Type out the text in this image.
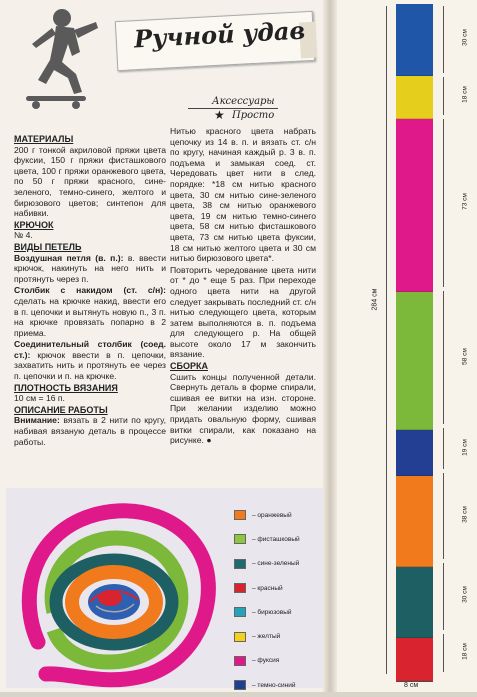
Ручной удав
Аксессуары
★ Просто
МАТЕРИАЛЫ
200 г тонкой акриловой пряжи цвета фуксии, 150 г пряжи фисташкового цвета, 100 г пряжи оранжевого цвета, по 50 г пряжи красного, сине-зеленого, темно-синего, желтого и бирюзового цветов; синтепон для набивки.
КРЮЧОК
№ 4.
ВИДЫ ПЕТЕЛЬ
Воздушная петля (в. п.): в. ввести крючок, накинуть на него нить и протянуть через п.
Столбик с накидом (ст. с/н): сделать на крючке накид, ввести его в п. цепочки и вытянуть новую п., 3 п. на крючке провязать попарно в 2 приема.
Соединительный столбик (соед. ст.): крючок ввести в п. цепочки, захватить нить и протянуть ее через п. цепочки и п. на крючке.
ПЛОТНОСТЬ ВЯЗАНИЯ
10 см = 16 п.
ОПИСАНИЕ РАБОТЫ
Внимание: вязать в 2 нити по кругу, набивая вязаную деталь в процессе работы.
Нитью красного цвета набрать цепочку из 14 в. п. и вязать ст. с/н по кругу, начиная каждый р. 3 в. п. подъема и замыкая соед. ст. Чередовать цвет нити в след. порядке: *18 см нитью красного цвета, 30 см нитью сине-зеленого цвета, 38 см нитью оранжевого цвета, 19 см нитью темно-синего цвета, 58 см нитью фисташкового цвета, 73 см нитью цвета фуксии, 18 см нитью желтого цвета и 30 см нитью бирюзового цвета*.
Повторить чередование цвета нити от * до * еще 5 раз. При переходе одного цвета нити на другой следует закрывать последний ст. с/н нитью следующего цвета, которым затем выполняются в. п. подъема для следующего р. На общей высоте около 17 м закончить вязание.
СБОРКА
Сшить концы полученной детали. Свернуть деталь в форме спирали, сшивая ее витки на изн. стороне. При желании изделию можно придать овальную форму, сшивая витки спирали, как показано на рисунке. ●
– оранжевый
– фисташковый
– сине-зеленый
– красный
– бирюзовый
– желтый
– фуксия
– темно-синий
284 см
30 см
18 см
73 см
58 см
19 см
38 см
30 см
18 см
8 см
